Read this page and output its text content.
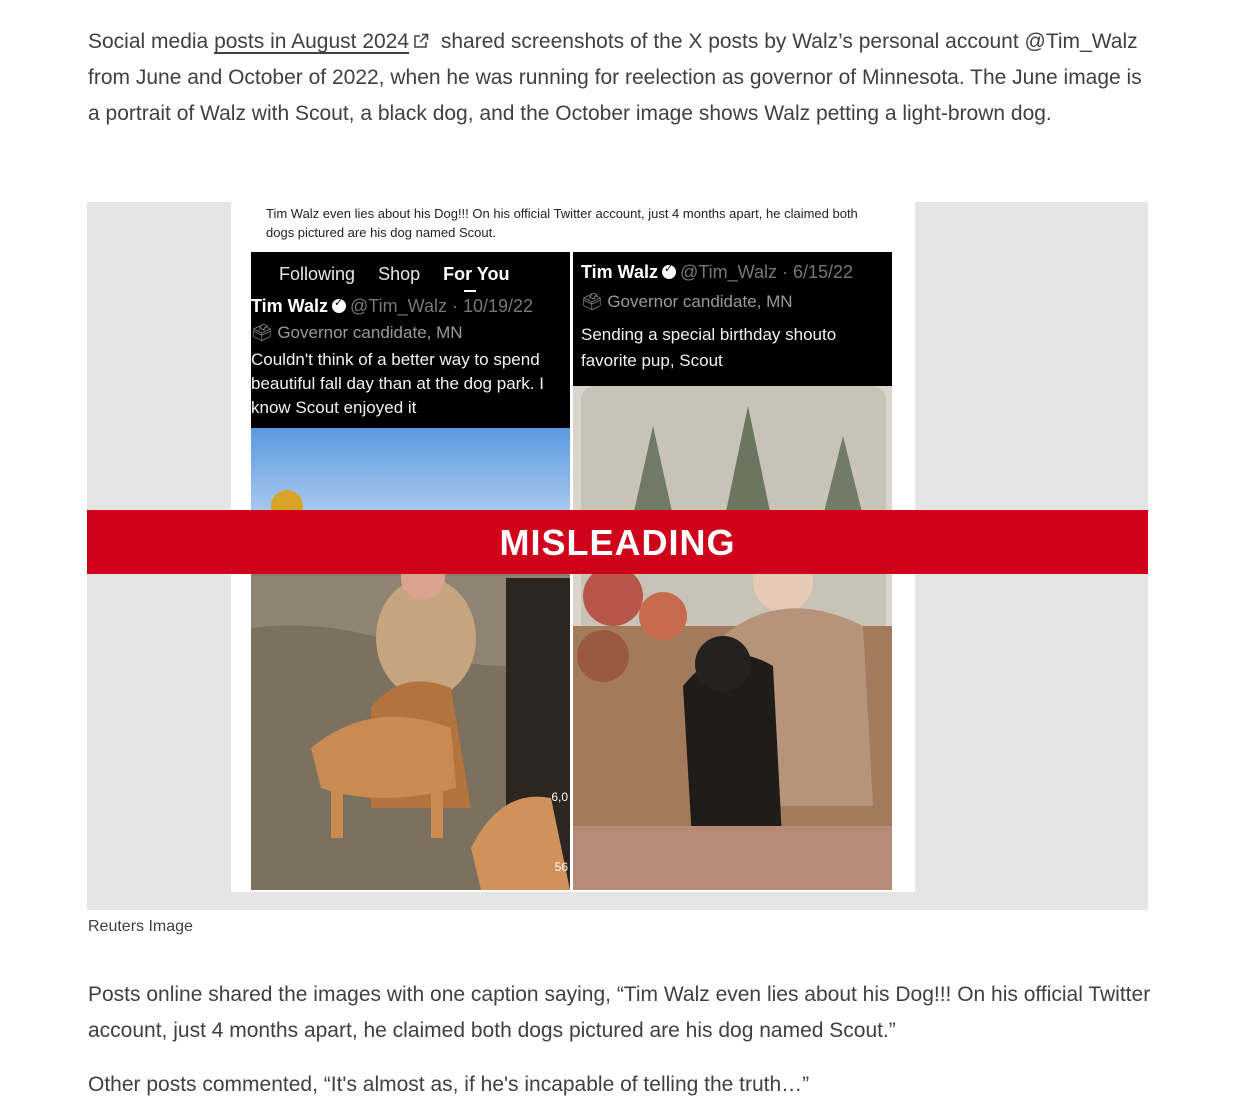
Social media posts in August 2024 shared screenshots of the X posts by Walz’s personal account @Tim_Walz from June and October of 2022, when he was running for reelection as governor of Minnesota. The June image is a portrait of Walz with Scout, a black dog, and the October image shows Walz petting a light-brown dog.

Tim Walz even lies about his Dog!!! On his official Twitter account, just 4 months apart, he claimed both dogs pictured are his dog named Scout.
Following Shop For You
Tim Walz ✓ @Tim_Walz · 10/19/22
🗳 Governor candidate, MN
Couldn't think of a better way to spend
beautiful fall day than at the dog park. I
know Scout enjoyed it
6,0
56
17
Tim Walz ✓ @Tim_Walz · 6/15/22
🗳 Governor candidate, MN
Sending a special birthday shouto
favorite pup, Scout
MISLEADING
Reuters Image

Posts online shared the images with one caption saying, “Tim Walz even lies about his Dog!!! On his official Twitter account, just 4 months apart, he claimed both dogs pictured are his dog named Scout.”

Other posts commented, “It's almost as, if he's incapable of telling the truth…”
